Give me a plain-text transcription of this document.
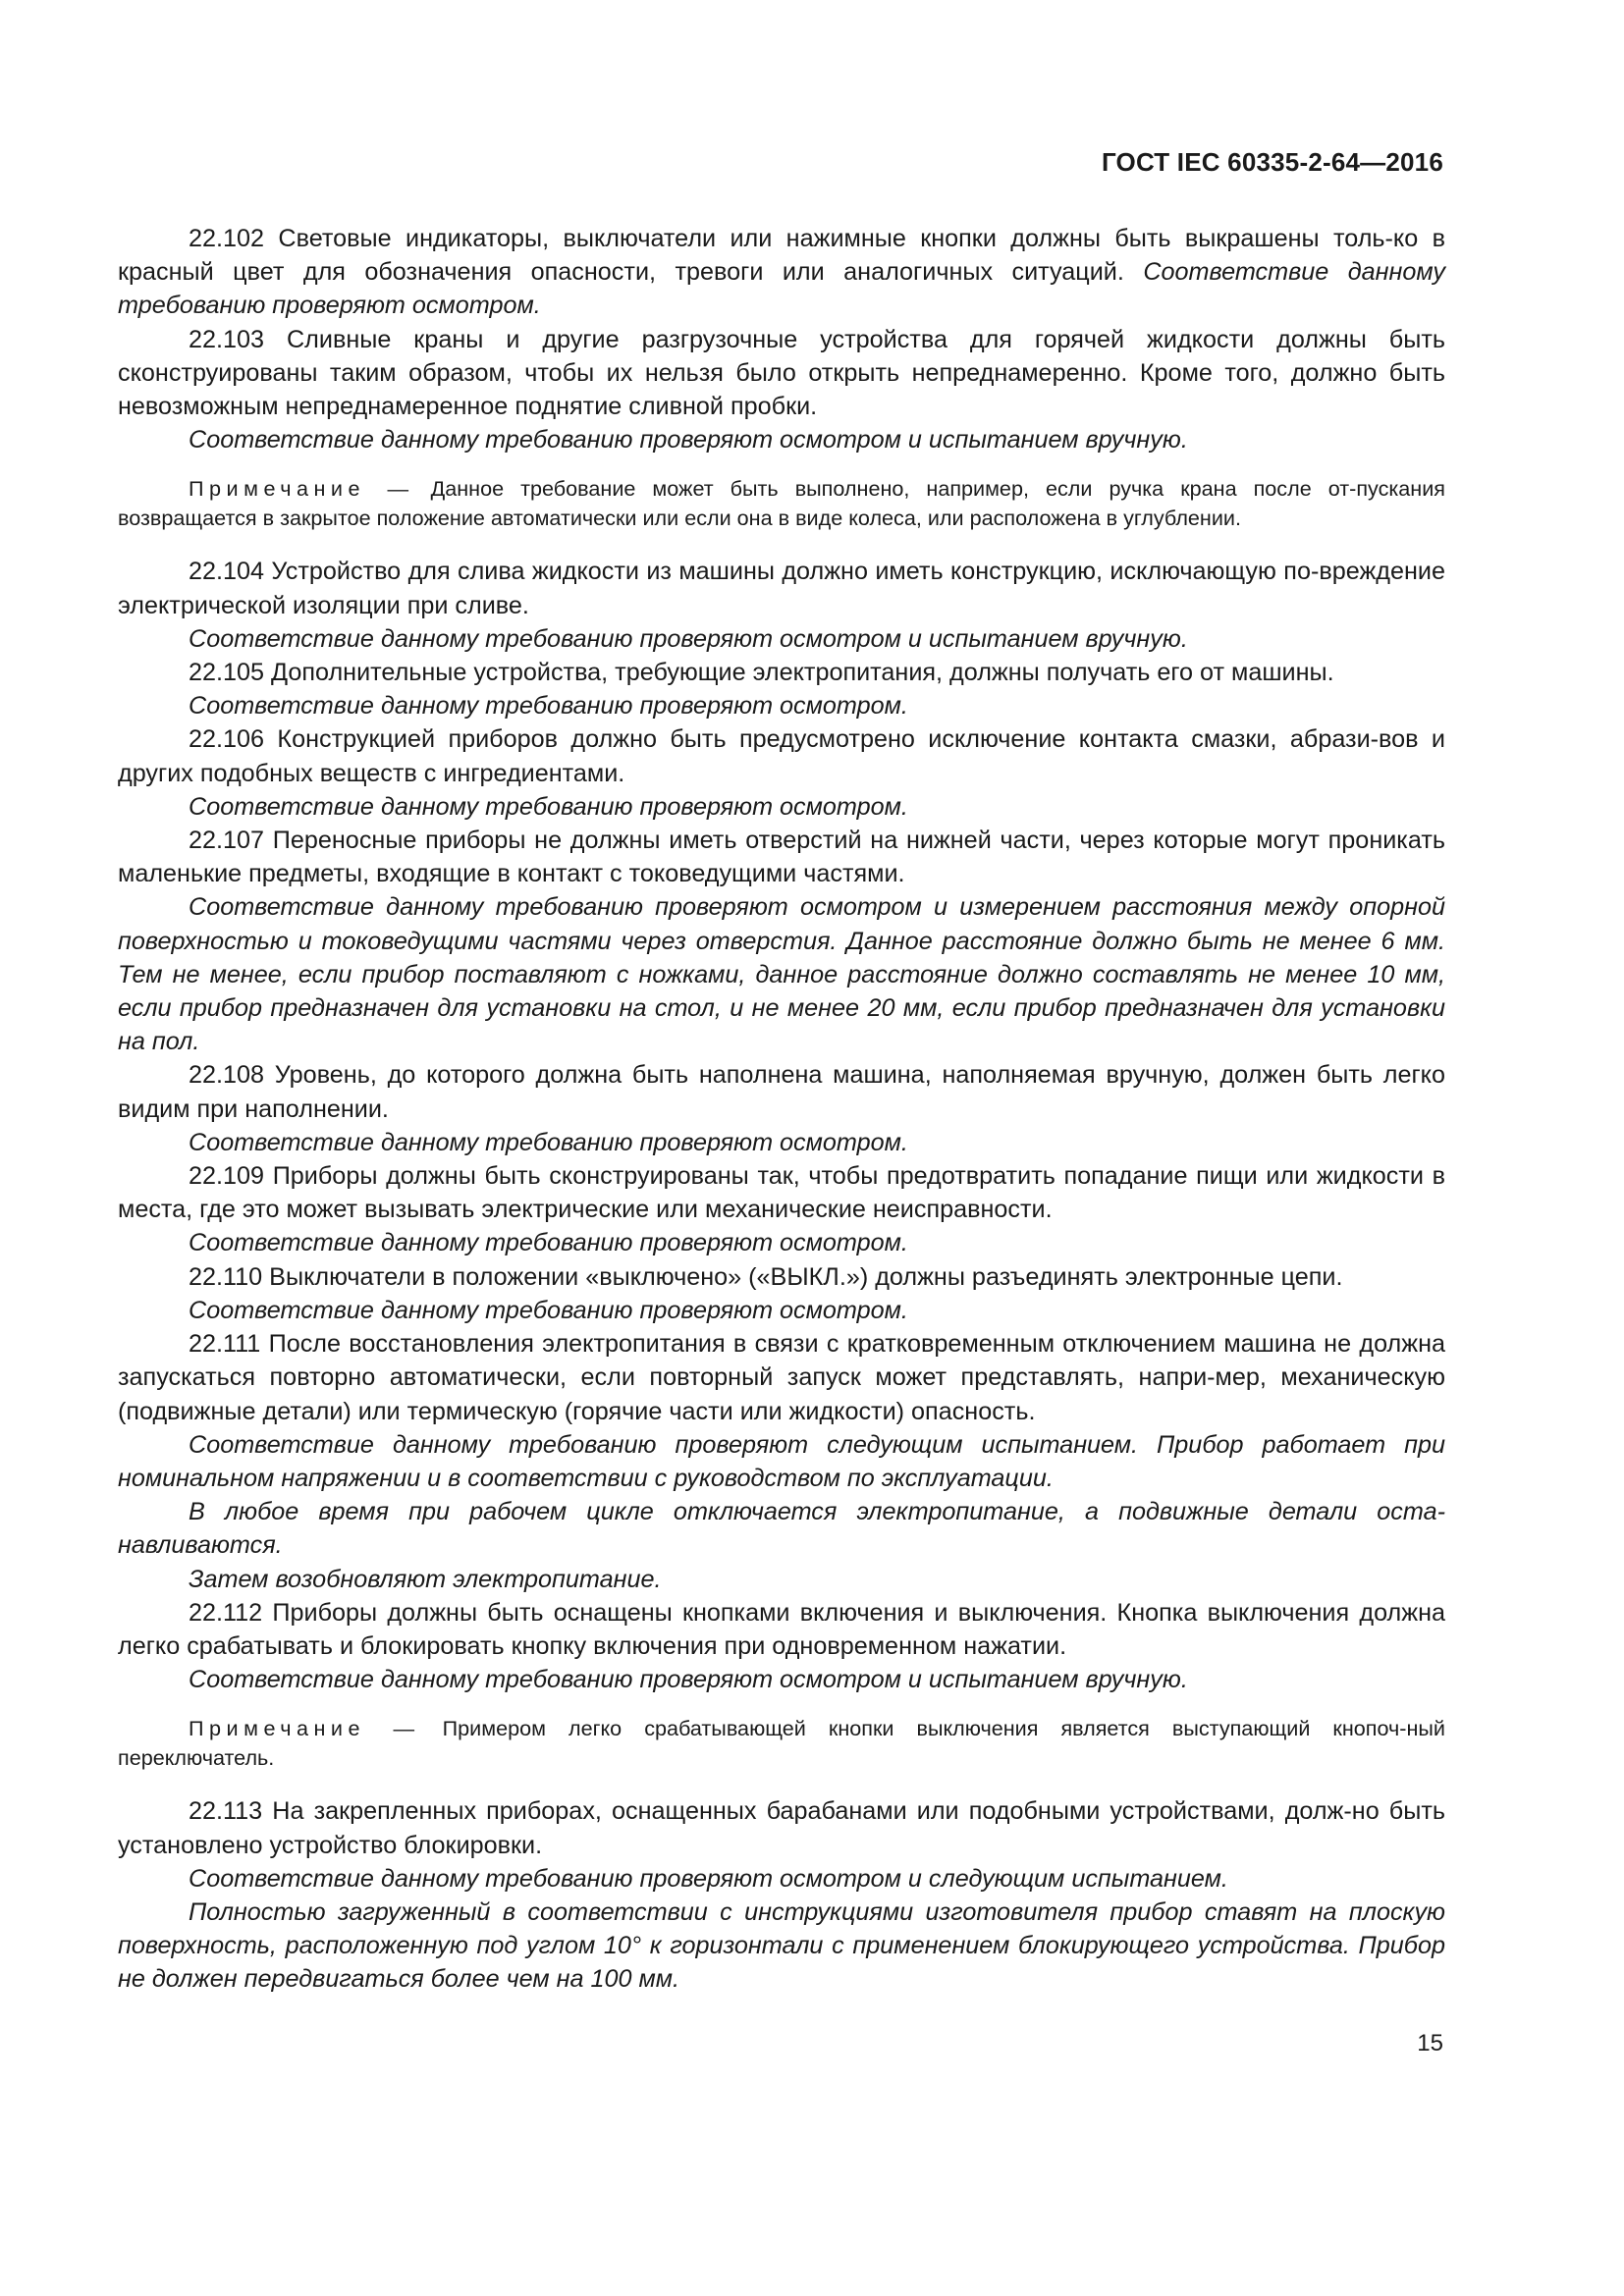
ГОСТ IEC 60335-2-64—2016

22.102 Световые индикаторы, выключатели или нажимные кнопки должны быть выкрашены толь-ко в красный цвет для обозначения опасности, тревоги или аналогичных ситуаций. Соответствие данному требованию проверяют осмотром.

22.103 Сливные краны и другие разгрузочные устройства для горячей жидкости должны быть сконструированы таким образом, чтобы их нельзя было открыть непреднамеренно. Кроме того, должно быть невозможным непреднамеренное поднятие сливной пробки.

Соответствие данному требованию проверяют осмотром и испытанием вручную.

Примечание — Данное требование может быть выполнено, например, если ручка крана после от-пускания возвращается в закрытое положение автоматически или если она в виде колеса, или расположена в углублении.

22.104 Устройство для слива жидкости из машины должно иметь конструкцию, исключающую по-вреждение электрической изоляции при сливе.

Соответствие данному требованию проверяют осмотром и испытанием вручную.

22.105 Дополнительные устройства, требующие электропитания, должны получать его от машины.

Соответствие данному требованию проверяют осмотром.

22.106 Конструкцией приборов должно быть предусмотрено исключение контакта смазки, абрази-вов и других подобных веществ с ингредиентами.

Соответствие данному требованию проверяют осмотром.

22.107 Переносные приборы не должны иметь отверстий на нижней части, через которые могут проникать маленькие предметы, входящие в контакт с токоведущими частями.

Соответствие данному требованию проверяют осмотром и измерением расстояния между опорной поверхностью и токоведущими частями через отверстия. Данное расстояние должно быть не менее 6 мм. Тем не менее, если прибор поставляют с ножками, данное расстояние должно составлять не менее 10 мм, если прибор предназначен для установки на стол, и не менее 20 мм, если прибор предназначен для установки на пол.

22.108 Уровень, до которого должна быть наполнена машина, наполняемая вручную, должен быть легко видим при наполнении.

Соответствие данному требованию проверяют осмотром.

22.109 Приборы должны быть сконструированы так, чтобы предотвратить попадание пищи или жидкости в места, где это может вызывать электрические или механические неисправности.

Соответствие данному требованию проверяют осмотром.

22.110 Выключатели в положении «выключено» («ВЫКЛ.») должны разъединять электронные цепи.

Соответствие данному требованию проверяют осмотром.

22.111 После восстановления электропитания в связи с кратковременным отключением машина не должна запускаться повторно автоматически, если повторный запуск может представлять, напри-мер, механическую (подвижные детали) или термическую (горячие части или жидкости) опасность.

Соответствие данному требованию проверяют следующим испытанием. Прибор работает при номинальном напряжении и в соответствии с руководством по эксплуатации.

В любое время при рабочем цикле отключается электропитание, а подвижные детали оста-навливаются.

Затем возобновляют электропитание.

22.112 Приборы должны быть оснащены кнопками включения и выключения. Кнопка выключения должна легко срабатывать и блокировать кнопку включения при одновременном нажатии.

Соответствие данному требованию проверяют осмотром и испытанием вручную.

Примечание — Примером легко срабатывающей кнопки выключения является выступающий кнопоч-ный переключатель.

22.113 На закрепленных приборах, оснащенных барабанами или подобными устройствами, долж-но быть установлено устройство блокировки.

Соответствие данному требованию проверяют осмотром и следующим испытанием.

Полностью загруженный в соответствии с инструкциями изготовителя прибор ставят на плоскую поверхность, расположенную под углом 10° к горизонтали с применением блокирующего устройства. Прибор не должен передвигаться более чем на 100 мм.

15
